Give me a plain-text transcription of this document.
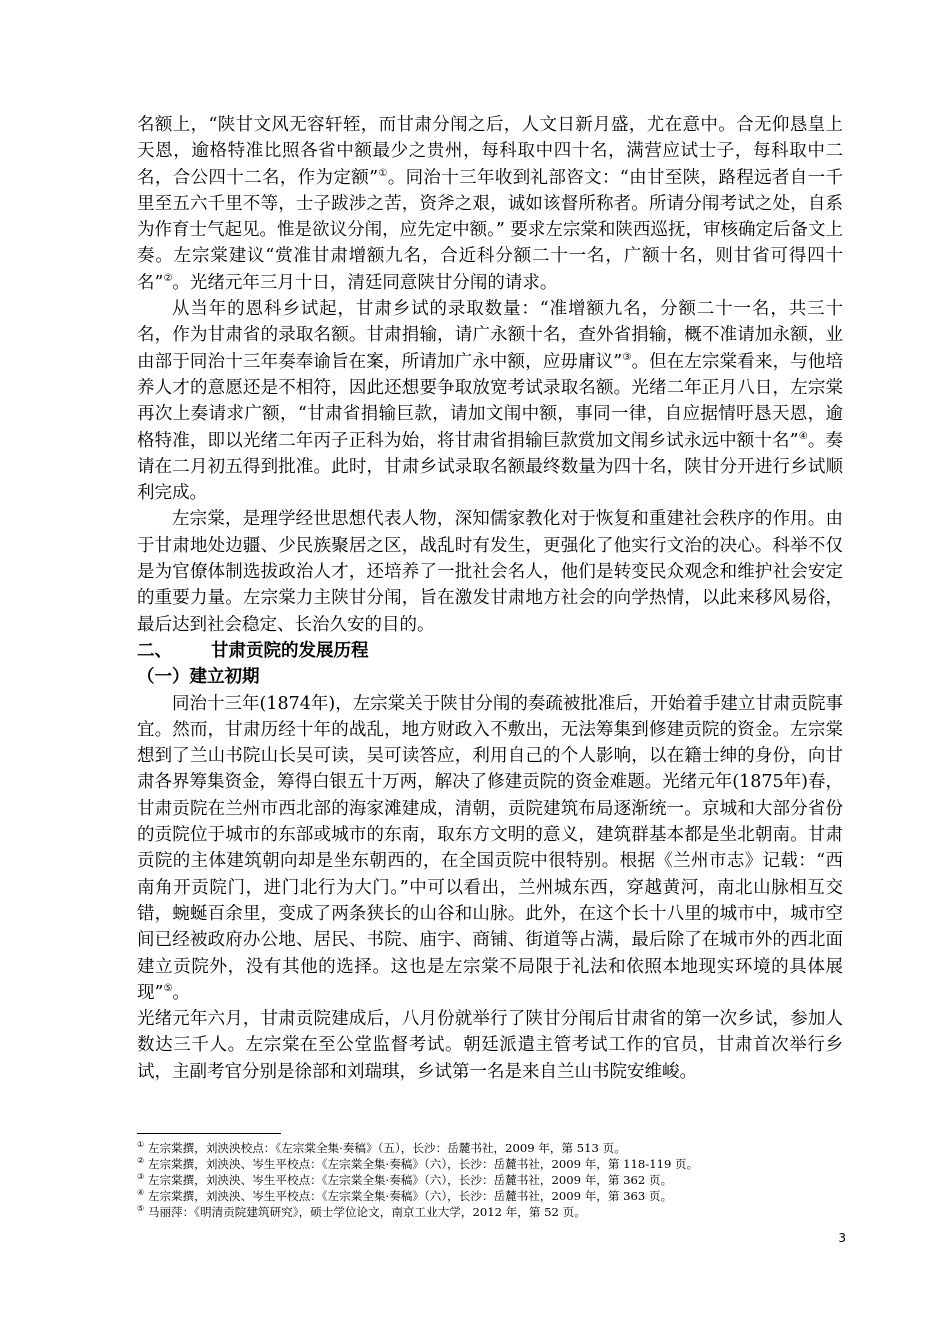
名额上，“陕甘文风无容轩轾，而甘肃分闱之后，人文日新月盛，尤在意中。合无仰恳皇上天恩，逾格特准比照各省中额最少之贵州，每科取中四十名，满营应试士子，每科取中二名，合公四十二名，作为定额”①。同治十三年收到礼部咨文：“由甘至陕，路程远者自一千里至五六千里不等，士子跋涉之苦，资斧之艰，诚如该督所称者。所请分闱考试之处，自系为作育士气起见。惟是欲议分闱，应先定中额。” 要求左宗棠和陕西巡抚，审核确定后备文上奏。左宗棠建议“赏准甘肃增额九名，合近科分额二十一名，广额十名，则甘省可得四十名”②。光绪元年三月十日，清廷同意陕甘分闱的请求。

从当年的恩科乡试起，甘肃乡试的录取数量：“准增额九名，分额二十一名，共三十名，作为甘肃省的录取名额。甘肃捐输，请广永额十名，查外省捐输，概不准请加永额，业由部于同治十三年奏奉谕旨在案，所请加广永中额，应毋庸议”③。但在左宗棠看来，与他培养人才的意愿还是不相符，因此还想要争取放宽考试录取名额。光绪二年正月八日，左宗棠再次上奏请求广额，“甘肃省捐输巨款，请加文闱中额，事同一律，自应据情吁恳天恩，逾格特准，即以光绪二年丙子正科为始，将甘肃省捐输巨款赏加文闱乡试永远中额十名”④。奏请在二月初五得到批准。此时，甘肃乡试录取名额最终数量为四十名，陕甘分开进行乡试顺利完成。

左宗棠，是理学经世思想代表人物，深知儒家教化对于恢复和重建社会秩序的作用。由于甘肃地处边疆、少民族聚居之区，战乱时有发生，更强化了他实行文治的决心。科举不仅是为官僚体制选拔政治人才，还培养了一批社会名人，他们是转变民众观念和维护社会安定的重要力量。左宗棠力主陕甘分闱，旨在激发甘肃地方社会的向学热情，以此来移风易俗，最后达到社会稳定、长治久安的目的。

二、 甘肃贡院的发展历程

（一）建立初期

同治十三年(1874年)，左宗棠关于陕甘分闱的奏疏被批准后，开始着手建立甘肃贡院事宜。然而，甘肃历经十年的战乱，地方财政入不敷出，无法筹集到修建贡院的资金。左宗棠想到了兰山书院山长吴可读，吴可读答应，利用自己的个人影响，以在籍士绅的身份，向甘肃各界筹集资金，筹得白银五十万两，解决了修建贡院的资金难题。光绪元年(1875年)春，甘肃贡院在兰州市西北部的海家滩建成，清朝，贡院建筑布局逐渐统一。京城和大部分省份的贡院位于城市的东部或城市的东南，取东方文明的意义，建筑群基本都是坐北朝南。甘肃贡院的主体建筑朝向却是坐东朝西的，在全国贡院中很特别。根据《兰州市志》记载：“西南角开贡院门，进门北行为大门。”中可以看出，兰州城东西，穿越黄河，南北山脉相互交错，蜿蜒百余里，变成了两条狭长的山谷和山脉。此外，在这个长十八里的城市中，城市空间已经被政府办公地、居民、书院、庙宇、商铺、街道等占满，最后除了在城市外的西北面建立贡院外，没有其他的选择。这也是左宗棠不局限于礼法和依照本地现实环境的具体展现”⑤。

光绪元年六月，甘肃贡院建成后，八月份就举行了陕甘分闱后甘肃省的第一次乡试，参加人数达三千人。左宗棠在至公堂监督考试。朝廷派遣主管考试工作的官员，甘肃首次举行乡试，主副考官分别是徐部和刘瑞琪，乡试第一名是来自兰山书院安维峻。

① 左宗棠撰，刘泱泱校点：《左宗棠全集·奏稿》（五），长沙：岳麓书社，2009 年，第 513 页。
② 左宗棠撰，刘泱泱、岑生平校点：《左宗棠全集·奏稿》（六），长沙：岳麓书社，2009 年，第 118-119 页。
③ 左宗棠撰，刘泱泱、岑生平校点：《左宗棠全集·奏稿》（六），长沙：岳麓书社，2009 年，第 362 页。
④ 左宗棠撰，刘泱泱、岑生平校点：《左宗棠全集·奏稿》（六），长沙：岳麓书社，2009 年，第 363 页。
⑤ 马丽萍：《明清贡院建筑研究》，硕士学位论文，南京工业大学，2012 年，第 52 页。
3
